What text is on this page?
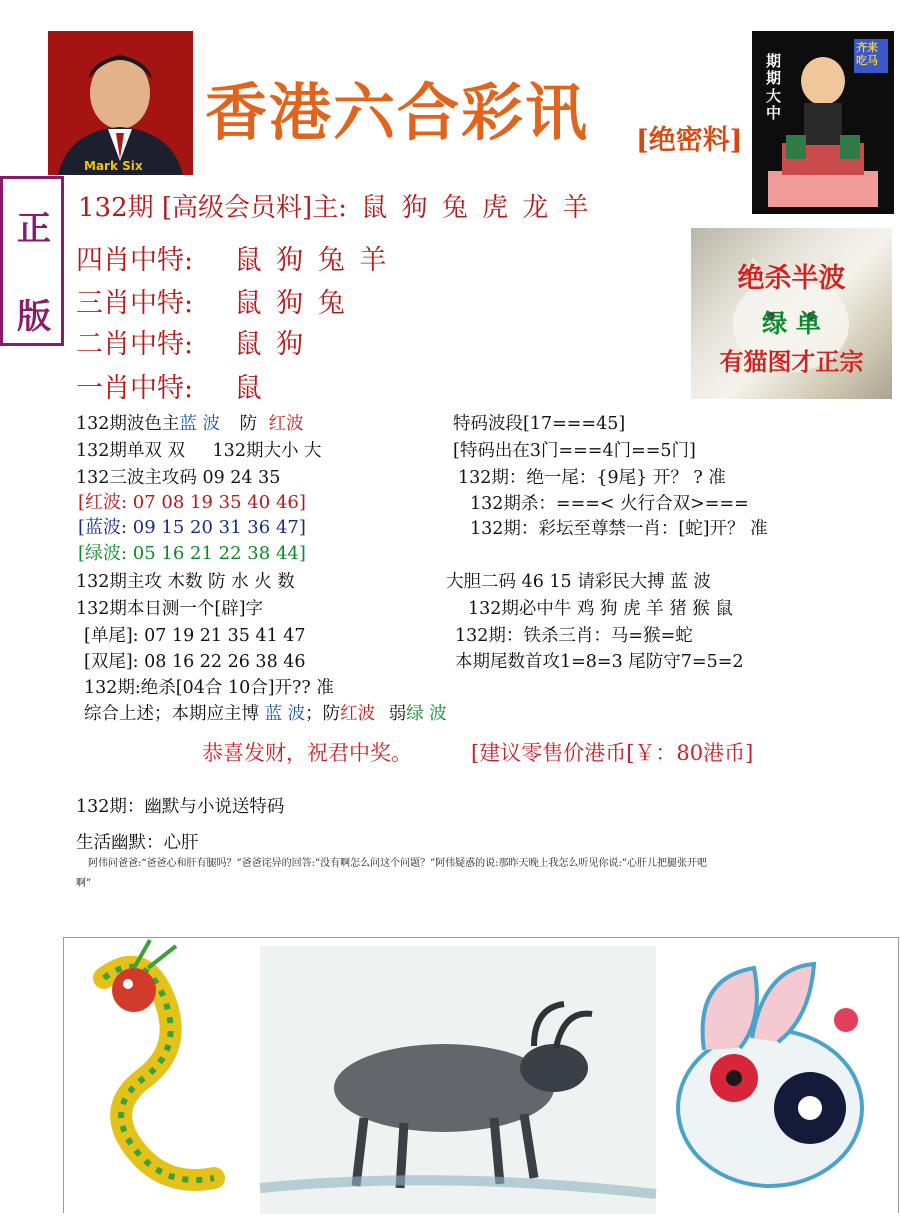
Mark Six
香港六合彩讯 [绝密料]
期期大中
齐来吃马
正
版
132期 [高级会员料]主: 鼠 狗 兔 虎 龙 羊
四肖中特: 鼠 狗 兔 羊
三肖中特: 鼠 狗 兔
二肖中特: 鼠 狗
一肖中特: 鼠
绝杀半波
绿 单
有猫图才正宗
132期波色主蓝 波 防 红波
132期单双 双 132期大小 大
132三波主攻码 09 24 35
[红波: 07 08 19 35 40 46]
[蓝波: 09 15 20 31 36 47]
[绿波: 05 16 21 22 38 44]
132期主攻 木数 防 水 火 数
132期本日测一个[辟]字
[单尾]: 07 19 21 35 41 47
[双尾]: 08 16 22 26 38 46
132期:绝杀[04合 10合]开?? 准
综合上述；本期应主博 蓝 波；防红波 弱绿 波
特码波段[17===45]
[特码出在3门===4门==5门]
132期：绝一尾：{9尾} 开？ ? 准
132期杀：===< 火行合双>===
132期：彩坛至尊禁一肖：[蛇]开？ 准
大胆二码 46 15 请彩民大搏 蓝 波
132期必中牛 鸡 狗 虎 羊 猪 猴 鼠
132期：铁杀三肖：马=猴=蛇
本期尾数首攻1=8=3 尾防守7=5=2
恭喜发财，祝君中奖。	[建议零售价港币[￥：80港币]
132期：幽默与小说送特码
生活幽默：心肝
阿伟问爸爸:“爸爸心和肝有腿吗？”爸爸诧异的回答:”没有啊怎么问这个问题？”阿伟疑惑的说:那昨天晚上我怎么听见你说:”心肝儿把腿张开吧
啊”
